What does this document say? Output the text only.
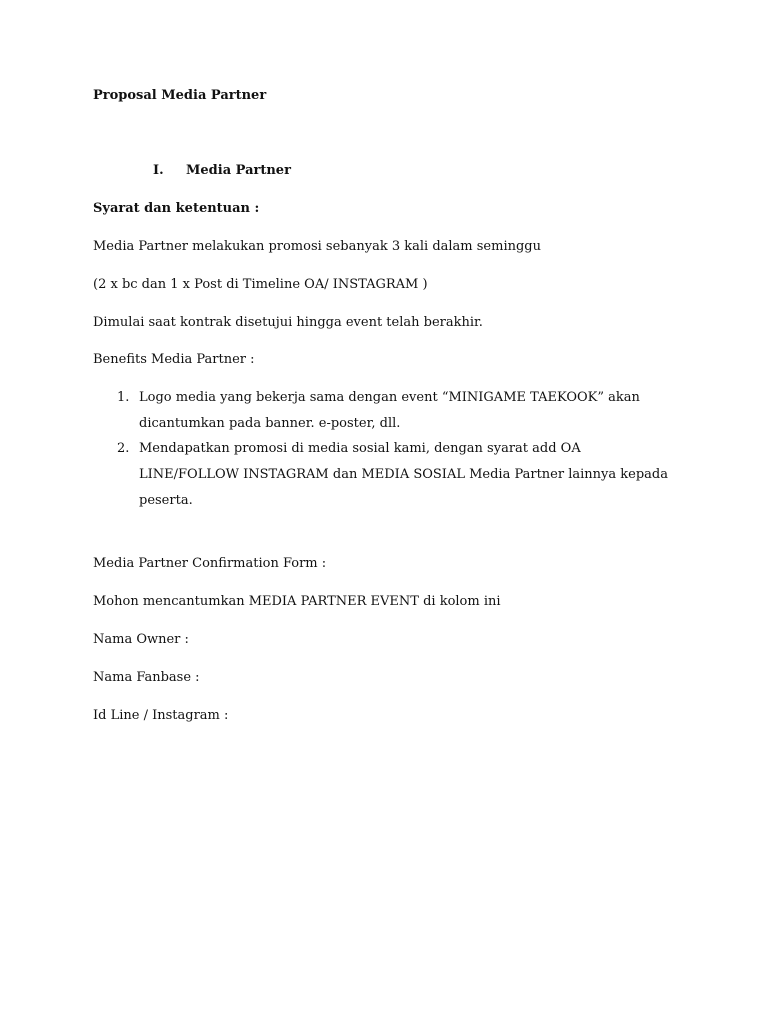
Proposal Media Partner
I. Media Partner
Syarat dan ketentuan :
Media Partner melakukan promosi sebanyak 3 kali dalam seminggu
(2 x bc dan 1 x Post di Timeline OA/ INSTAGRAM )
Dimulai saat kontrak disetujui hingga event telah berakhir.
Benefits Media Partner :
1. Logo media yang bekerja sama dengan event “MINIGAME TAEKOOK” akan dicantumkan pada banner. e-poster, dll.
2. Mendapatkan promosi di media sosial kami, dengan syarat add OA LINE/FOLLOW INSTAGRAM dan MEDIA SOSIAL Media Partner lainnya kepada peserta.
Media Partner Confirmation Form :
Mohon mencantumkan MEDIA PARTNER EVENT di kolom ini
Nama Owner :
Nama Fanbase :
Id Line / Instagram :
